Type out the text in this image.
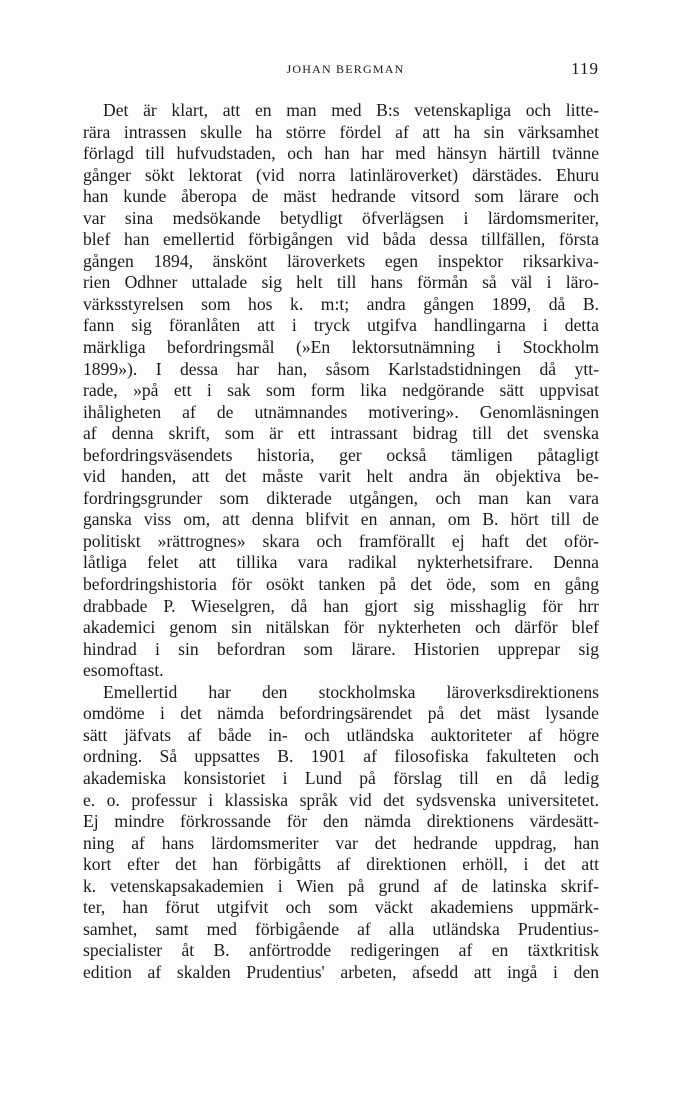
JOHAN BERGMAN	119
Det är klart, att en man med B:s vetenskapliga och litte-
rära intrassen skulle ha större fördel af att ha sin värksamhet
förlagd till hufvudstaden, och han har med hänsyn härtill tvänne
gånger sökt lektorat (vid norra latinläroverket) därstädes. Ehuru
han kunde åberopa de mäst hedrande vitsord som lärare och
var sina medsökande betydligt öfverlägsen i lärdomsmeriter,
blef han emellertid förbigången vid båda dessa tillfällen, första
gången 1894, änskönt läroverkets egen inspektor riksarkiva-
rien Odhner uttalade sig helt till hans förmån så väl i läro-
värksstyrelsen som hos k. m:t; andra gången 1899, då B.
fann sig föranlåten att i tryck utgifva handlingarna i detta
märkliga befordringsmål (»En lektorsutnämning i Stockholm
1899»). I dessa har han, såsom Karlstadstidningen då ytt-
rade, »på ett i sak som form lika nedgörande sätt uppvisat
ihåligheten af de utnämnandes motivering». Genomläsningen
af denna skrift, som är ett intrassant bidrag till det svenska
befordringsväsendets historia, ger också tämligen påtagligt
vid handen, att det måste varit helt andra än objektiva be-
fordringsgrunder som dikterade utgången, och man kan vara
ganska viss om, att denna blifvit en annan, om B. hört till de
politiskt »rättrognes» skara och framförallt ej haft det oför-
låtliga felet att tillika vara radikal nykterhetsifrare. Denna
befordringshistoria för osökt tanken på det öde, som en gång
drabbade P. Wieselgren, då han gjort sig misshaglig för hrr
akademici genom sin nitälskan för nykterheten och därför blef
hindrad i sin befordran som lärare. Historien upprepar sig
esomoftast.
Emellertid har den stockholmska läroverksdirektionens
omdöme i det nämda befordringsärendet på det mäst lysande
sätt jäfvats af både in- och utländska auktoriteter af högre
ordning. Så uppsattes B. 1901 af filosofiska fakulteten och
akademiska konsistoriet i Lund på förslag till en då ledig
e. o. professur i klassiska språk vid det sydsvenska universitetet.
Ej mindre förkrossande för den nämda direktionens värdesätt-
ning af hans lärdomsmeriter var det hedrande uppdrag, han
kort efter det han förbigåtts af direktionen erhöll, i det att
k. vetenskapsakademien i Wien på grund af de latinska skrif-
ter, han förut utgifvit och som väckt akademiens uppmärk-
samhet, samt med förbigående af alla utländska Prudentius-
specialister åt B. anförtrodde redigeringen af en täxtkritisk
edition af skalden Prudentius' arbeten, afsedd att ingå i den
